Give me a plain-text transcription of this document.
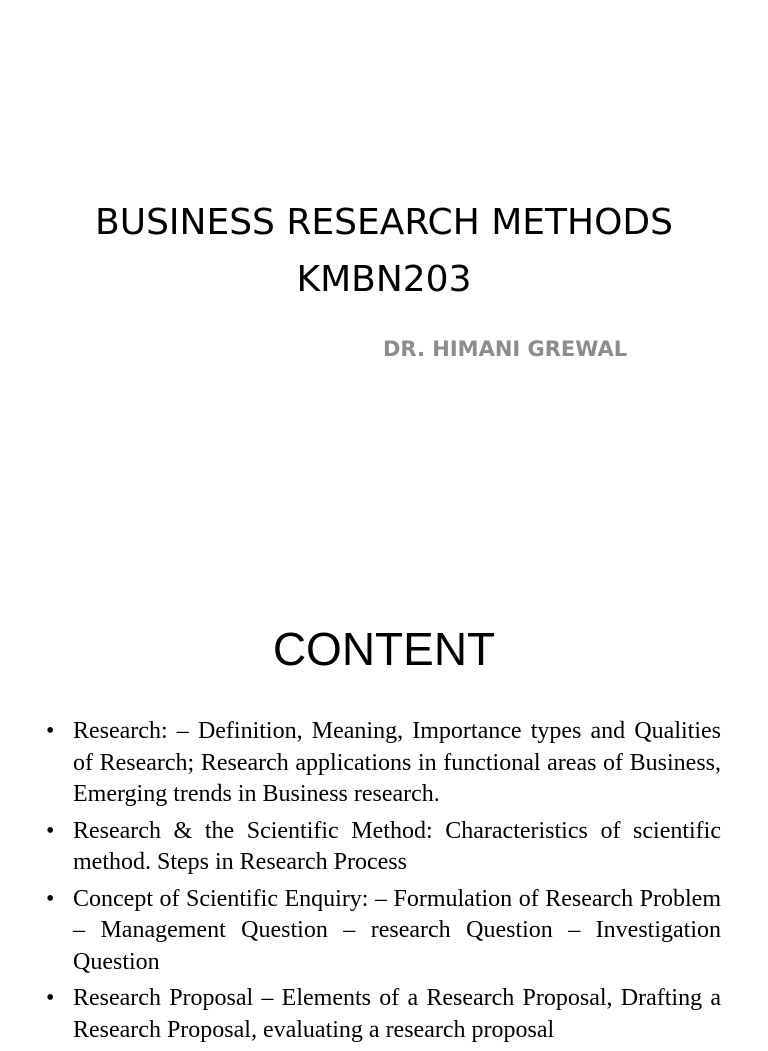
BUSINESS RESEARCH METHODS
KMBN203
DR. HIMANI GREWAL
CONTENT
• Research: – Definition, Meaning, Importance types and Qualities of Research; Research applications in functional areas of Business, Emerging trends in Business research.
• Research & the Scientific Method: Characteristics of scientific method. Steps in Research Process
• Concept of Scientific Enquiry: – Formulation of Research Problem – Management Question – research Question – Investigation Question
• Research Proposal – Elements of a Research Proposal, Drafting a Research Proposal, evaluating a research proposal
